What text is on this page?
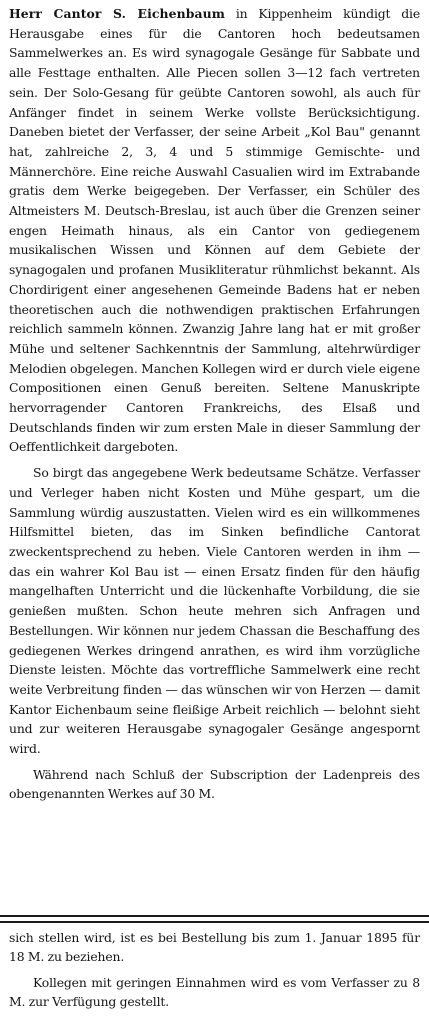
Herr Cantor S. Eichenbaum in Kippenheim kündigt die Herausgabe eines für die Cantoren hoch bedeutsamen Sammelwerkes an. Es wird synagogale Gesänge für Sabbate und alle Festtage enthalten. Alle Piecen sollen 3—12 fach vertreten sein. Der Solo-Gesang für geübte Cantoren sowohl, als auch für Anfänger findet in seinem Werke vollste Berücksichtigung. Daneben bietet der Verfasser, der seine Arbeit „Kol Bau" genannt hat, zahlreiche 2, 3, 4 und 5 stimmige Gemischte- und Männerchöre. Eine reiche Auswahl Casualien wird im Extrabande gratis dem Werke beigegeben. Der Verfasser, ein Schüler des Altmeisters M. Deutsch-Breslau, ist auch über die Grenzen seiner engen Heimath hinaus, als ein Cantor von gediegenem musikalischen Wissen und Können auf dem Gebiete der synagogalen und profanen Musikliteratur rühmlichst bekannt. Als Chordirigent einer angesehenen Gemeinde Badens hat er neben theoretischen auch die nothwendigen praktischen Erfahrungen reichlich sammeln können. Zwanzig Jahre lang hat er mit großer Mühe und seltener Sachkenntnis der Sammlung, altehrwürdiger Melodien obgelegen. Manchen Kollegen wird er durch viele eigene Compositionen einen Genuß bereiten. Seltene Manuskripte hervorragender Cantoren Frankreichs, des Elsaß und Deutschlands finden wir zum ersten Male in dieser Sammlung der Oeffentlichkeit dargeboten.

So birgt das angegebene Werk bedeutsame Schätze. Verfasser und Verleger haben nicht Kosten und Mühe gespart, um die Sammlung würdig auszustatten. Vielen wird es ein willkommenes Hilfsmittel bieten, das im Sinken befindliche Cantorat zweckentsprechend zu heben. Viele Cantoren werden in ihm — das ein wahrer Kol Bau ist — einen Ersatz finden für den häufig mangelhaften Unterricht und die lückenhafte Vorbildung, die sie genießen mußten. Schon heute mehren sich Anfragen und Bestellungen. Wir können nur jedem Chassan die Beschaffung des gediegenen Werkes dringend anrathen, es wird ihm vorzügliche Dienste leisten. Möchte das vortreffliche Sammelwerk eine recht weite Verbreitung finden — das wünschen wir von Herzen — damit Kantor Eichenbaum seine fleißige Arbeit reichlich — belohnt sieht und zur weiteren Herausgabe synagogaler Gesänge angespornt wird.

Während nach Schluß der Subscription der Ladenpreis des obengenannten Werkes auf 30 M.

sich stellen wird, ist es bei Bestellung bis zum 1. Januar 1895 für 18 M. zu beziehen.

Kollegen mit geringen Einnahmen wird es vom Verfasser zu 8 M. zur Verfügung gestellt.
